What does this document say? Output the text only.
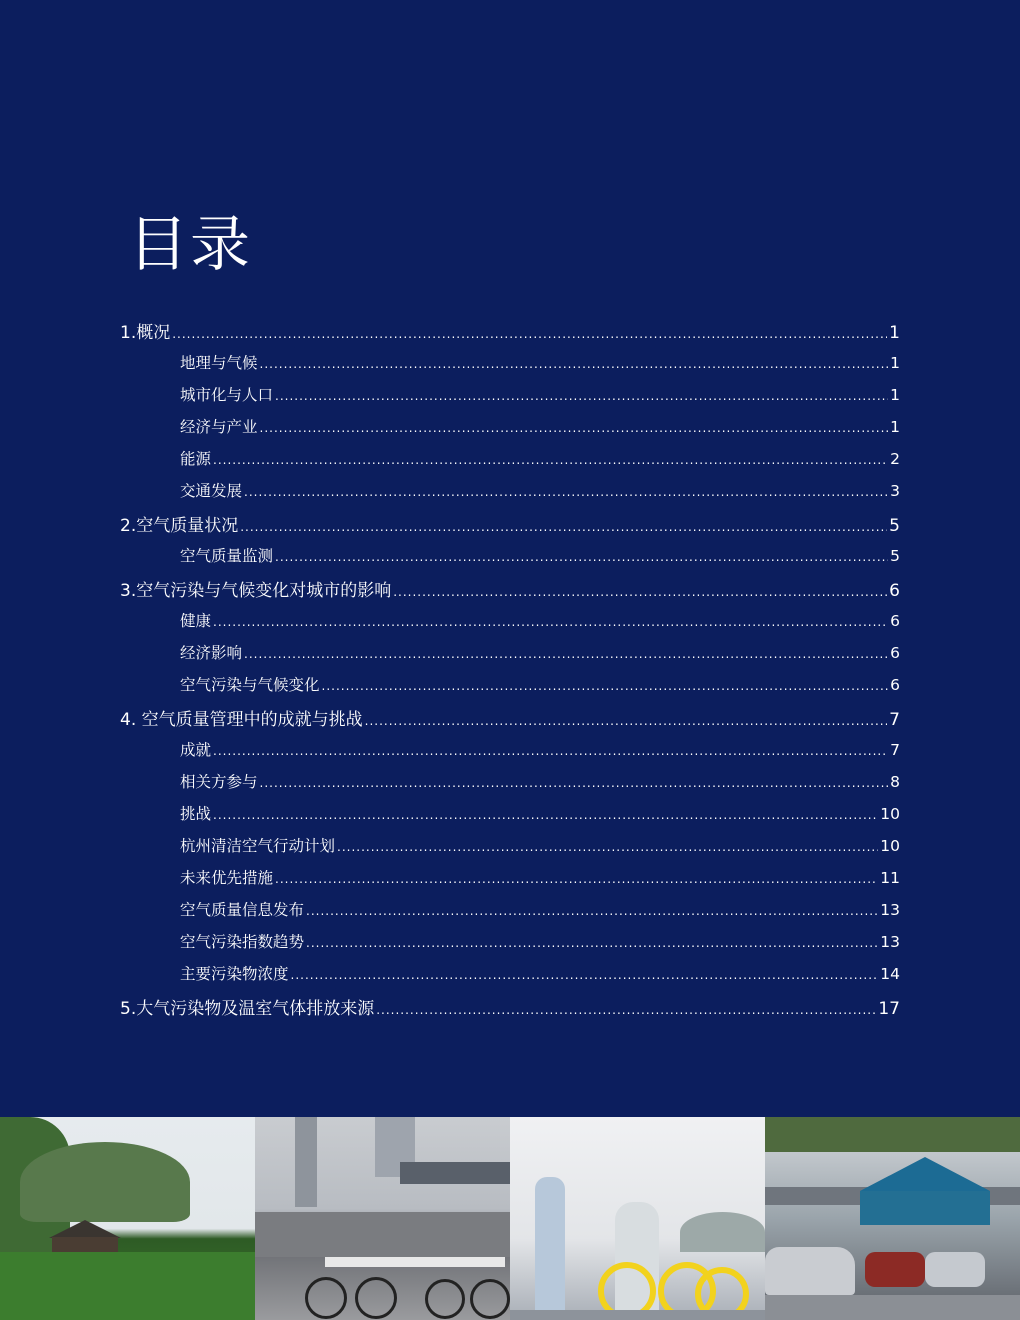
目录
1.概况 .....	1
地理与气候 .....	1
城市化与人口 .....	1
经济与产业 .....	1
能源 .....	2
交通发展 .....	3
2.空气质量状况 .....	5
空气质量监测 .....	5
3.空气污染与气候变化对城市的影响 .....	6
健康 .....	6
经济影响 .....	6
空气污染与气候变化 .....	6
4. 空气质量管理中的成就与挑战 .....	7
成就 .....	7
相关方参与 .....	8
挑战 .....	10
杭州清洁空气行动计划 .....	10
未来优先措施 .....	11
空气质量信息发布 .....	13
空气污染指数趋势 .....	13
主要污染物浓度 .....	14
5.大气污染物及温室气体排放来源 .....	17
